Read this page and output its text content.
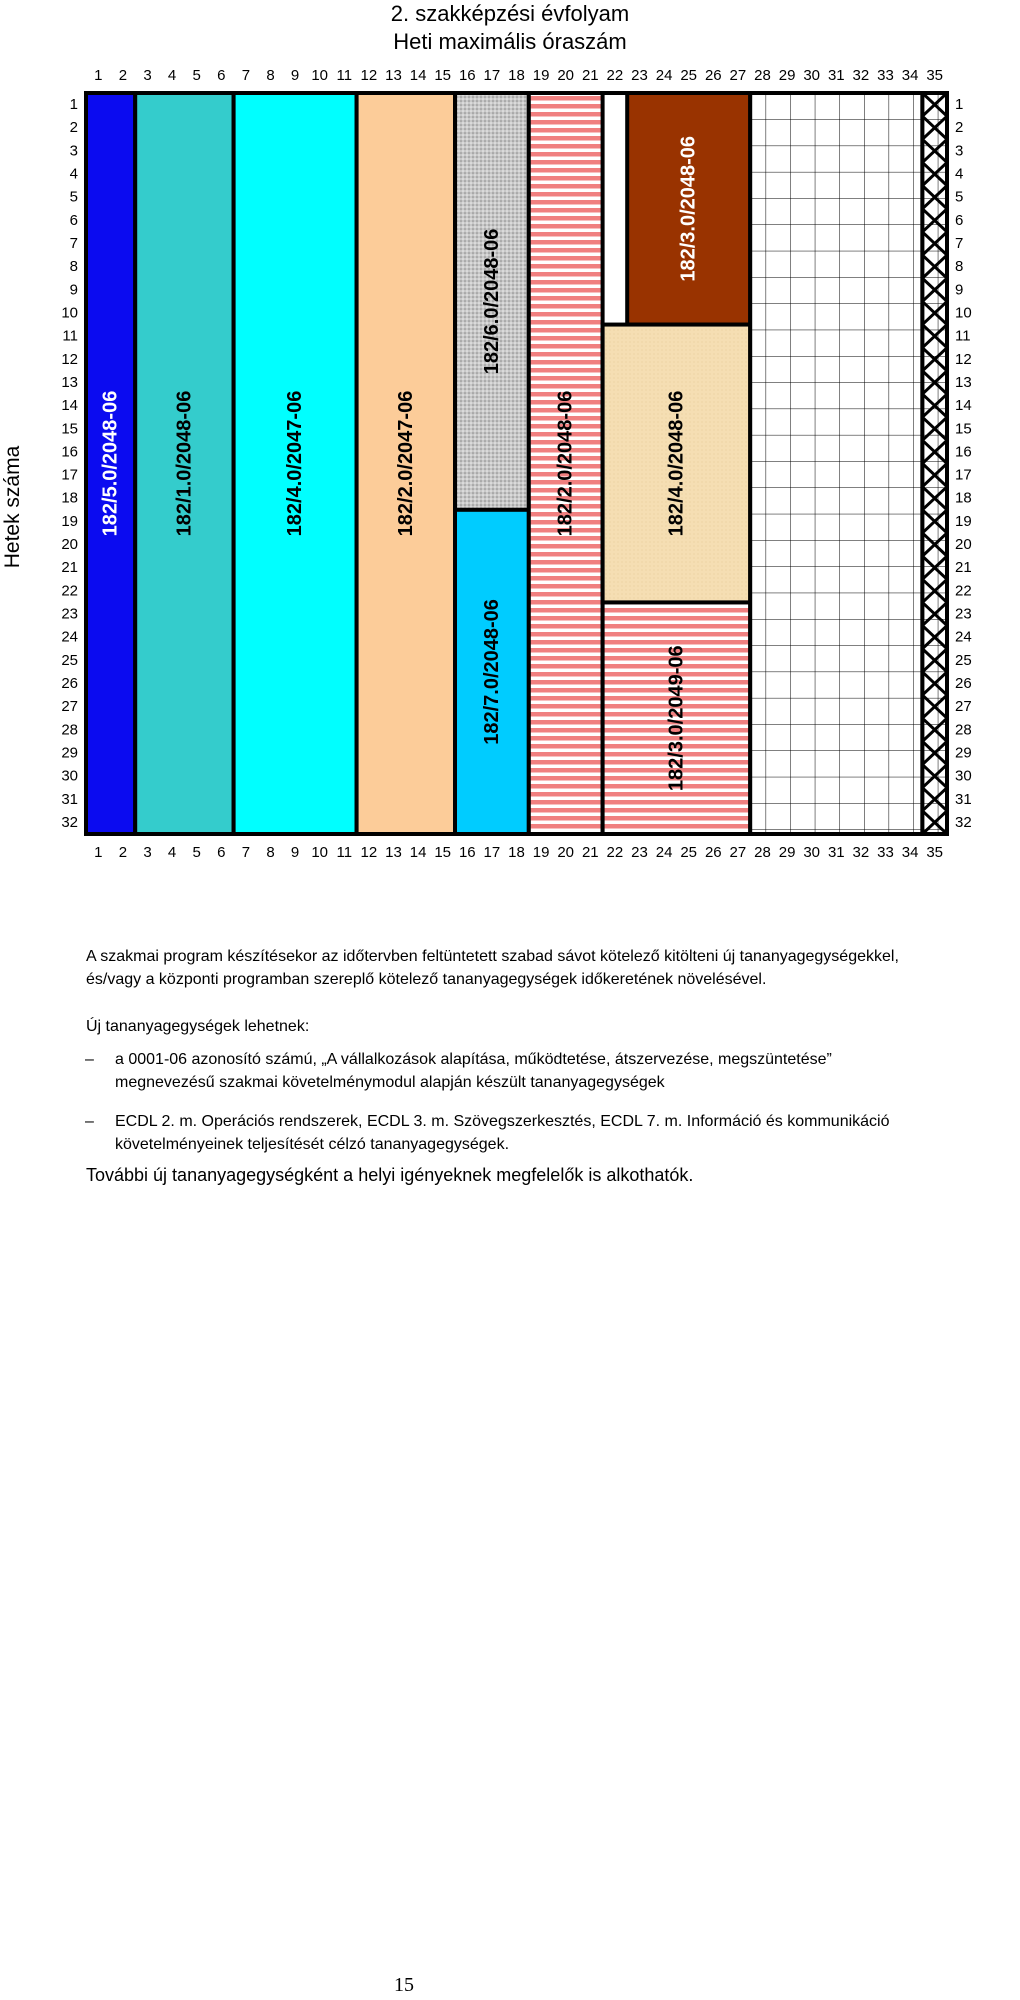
2. szakképzési évfolyam
Heti maximális óraszám
Hetek száma
1
1
2
2
3
3
4
4
5
5
6
6
7
7
8
8
9
9
10
10
11
11
12
12
13
13
14
14
15
15
16
16
17
17
18
18
19
19
20
20
21
21
22
22
23
23
24
24
25
25
26
26
27
27
28
28
29
29
30
30
31
31
32
32
33
33
34
34
35
35
1	1
2	2
3	3
4	4
5	5
6	6
7	7
8	8
9	9
10	10
11	11
12	12
13	13
14	14
15	15
16	16
17	17
18	18
19	19
20	20
21	21
22	22
23	23
24	24
25	25
26	26
27	27
28	28
29	29
30	30
31	31
32	32
182/5.0/2048-06	182/1.0/2048-06	182/4.0/2047-06	182/2.0/2047-06
182/6.0/2048-06
182/7.0/2048-06
182/2.0/2048-06
182/3.0/2048-06
182/4.0/2048-06
182/3.0/2049-06
A szakmai program készítésekor az időtervben feltüntetett szabad sávot kötelező kitölteni új tananyagegységekkel, és/vagy a központi programban szereplő kötelező tananyagegységek időkeretének növelésével.
Új tananyagegységek lehetnek:
– a 0001-06 azonosító számú, „A vállalkozások alapítása, működtetése, átszervezése, megszüntetése” megnevezésű szakmai követelménymodul alapján készült tananyagegységek
– ECDL 2. m. Operációs rendszerek, ECDL 3. m. Szövegszerkesztés, ECDL 7. m. Információ és kommunikáció követelményeinek teljesítését célzó tananyagegységek.
További új tananyagegységként a helyi igényeknek megfelelők is alkothatók.
15
